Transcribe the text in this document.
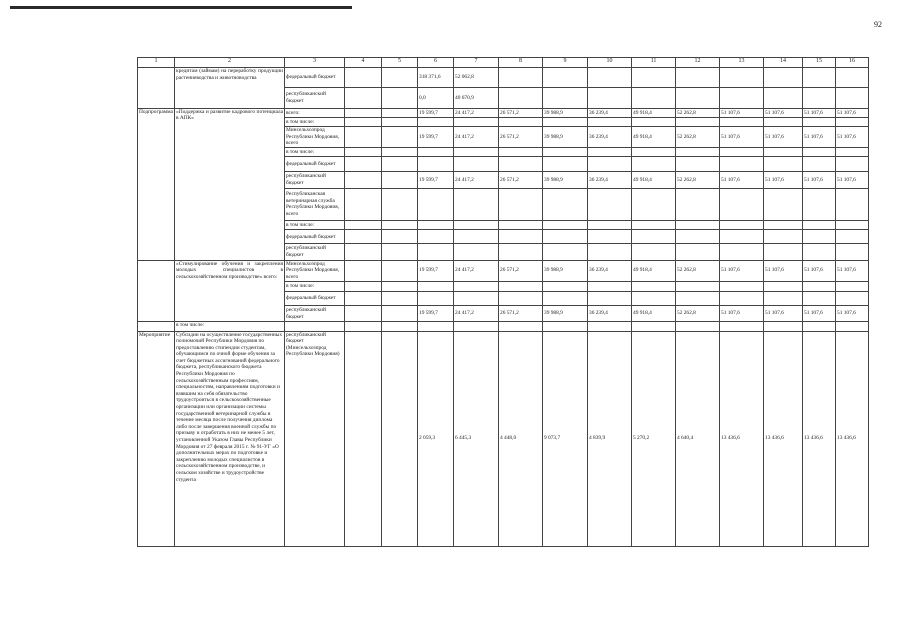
92
1	2	3	4	5	6	7	8	9	10	11	12	13	14	15	16
	кредитам (займам) на переработку продукции растениеводства и животноводства	федеральный бюджет			318 371,6	52 062,8									
		республиканский бюджет			0,0	40 670,9									
Подпрограмма	«Поддержка и развитие кадрового потенциала в АПК»	всего:			19 599,7	24 417,2	26 571,2	39 988,9	36 239,4	49 918,4	52 262,8	51 107,6	51 107,6	51 107,6	51 107,6
		в том числе:													
		Минсельхозпрод Республики Мордовия, всего			19 599,7	24 417,2	26 571,2	39 988,9	36 239,4	49 918,4	52 262,8	51 107,6	51 107,6	51 107,6	51 107,6
		в том числе:													
		федеральный бюджет													
		республиканский бюджет			19 599,7	24 417,2	26 571,2	39 988,9	36 239,4	49 918,4	52 262,8	51 107,6	51 107,6	51 107,6	51 107,6
		Республиканская ветеринарная служба Республики Мордовия, всего													
		в том числе:													
		федеральный бюджет													
		республиканский бюджет													
	«Стимулирование обучения и закрепления молодых специалистов в сельскохозяйственном производстве» всего:	Минсельхозпрод Республики Мордовия, всего			19 599,7	24 417,2	26 571,2	39 988,9	36 239,4	49 918,4	52 262,8	51 107,6	51 107,6	51 107,6	51 107,6
		в том числе:													
		федеральный бюджет													
		республиканский бюджет			19 599,7	24 417,2	26 571,2	39 988,9	36 239,4	49 918,4	52 262,8	51 107,6	51 107,6	51 107,6	51 107,6
	в том числе:														
Мероприятие	Субсидии на осуществление государственных полномочий Республики Мордовия по предоставлению стипендии студентам, обучающимся по очной форме обучения за счет бюджетных ассигнований федерального бюджета, республиканского бюджета Республики Мордовия по сельскохозяйственным профессиям, специальностям, направлениям подготовки и взявшим на себя обязательство трудоустроиться в сельскохозяйственные организации или организации системы государственной ветеринарной службы в течение месяца после получения диплома либо после завершения военной службы по призыву и отработать в них не менее 5 лет, установленной Указом Главы Республики Мордовия от 27 февраля 2015 г. № 91-УГ «О дополнительных мерах по подготовке и закреплению молодых специалистов в сельскохозяйственном производстве, и сельском хозяйстве и трудоустройстве студента	республиканский бюджет (Минсельхозпрод Республики Мордовия)			2 059,3	6 445,3	4 448,0	9 073,7	4 839,9	5 270,2	4 640,4	13 436,6	13 436,6	13 436,6	13 436,6
